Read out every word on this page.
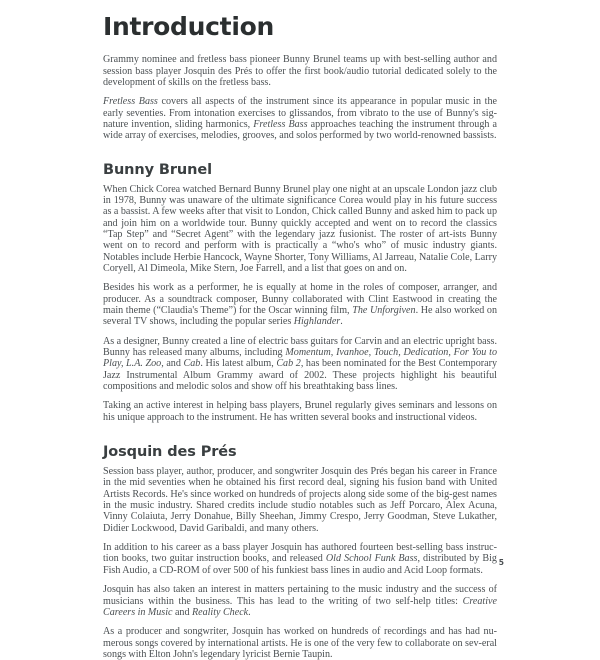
Introduction

Grammy nominee and fretless bass pioneer Bunny Brunel teams up with best-selling author and session bass player Josquin des Prés to offer the first book/audio tutorial dedicated solely to the development of skills on the fretless bass.

Fretless Bass covers all aspects of the instrument since its appearance in popular music in the early seventies. From intonation exercises to glissandos, from vibrato to the use of Bunny's sig-nature invention, sliding harmonics, Fretless Bass approaches teaching the instrument through a wide array of exercises, melodies, grooves, and solos performed by two world-renowned bassists.

Bunny Brunel

When Chick Corea watched Bernard Bunny Brunel play one night at an upscale London jazz club in 1978, Bunny was unaware of the ultimate significance Corea would play in his future success as a bassist. A few weeks after that visit to London, Chick called Bunny and asked him to pack up and join him on a worldwide tour. Bunny quickly accepted and went on to record the classics “Tap Step” and “Secret Agent” with the legendary jazz fusionist. The roster of art-ists Bunny went on to record and perform with is practically a “who's who” of music industry giants. Notables include Herbie Hancock, Wayne Shorter, Tony Williams, Al Jarreau, Natalie Cole, Larry Coryell, Al Dimeola, Mike Stern, Joe Farrell, and a list that goes on and on.

Besides his work as a performer, he is equally at home in the roles of composer, arranger, and producer. As a soundtrack composer, Bunny collaborated with Clint Eastwood in creating the main theme (“Claudia's Theme”) for the Oscar winning film, The Unforgiven. He also worked on several TV shows, including the popular series Highlander.

As a designer, Bunny created a line of electric bass guitars for Carvin and an electric upright bass. Bunny has released many albums, including Momentum, Ivanhoe, Touch, Dedication, For You to Play, L.A. Zoo, and Cab. His latest album, Cab 2, has been nominated for the Best Contemporary Jazz Instrumental Album Grammy award of 2002. These projects highlight his beautiful compositions and melodic solos and show off his breathtaking bass lines.

Taking an active interest in helping bass players, Brunel regularly gives seminars and lessons on his unique approach to the instrument. He has written several books and instructional videos.

Josquin des Prés

Session bass player, author, producer, and songwriter Josquin des Prés began his career in France in the mid seventies when he obtained his first record deal, signing his fusion band with United Artists Records. He's since worked on hundreds of projects along side some of the big-gest names in the music industry. Shared credits include studio notables such as Jeff Porcaro, Alex Acuna, Vinny Colaiuta, Jerry Donahue, Billy Sheehan, Jimmy Crespo, Jerry Goodman, Steve Lukather, Didier Lockwood, David Garibaldi, and many others.

In addition to his career as a bass player Josquin has authored fourteen best-selling bass instruc-tion books, two guitar instruction books, and released Old School Funk Bass, distributed by Big Fish Audio, a CD-ROM of over 500 of his funkiest bass lines in audio and Acid Loop formats.

Josquin has also taken an interest in matters pertaining to the music industry and the success of musicians within the business. This has lead to the writing of two self-help titles: Creative Careers in Music and Reality Check.

As a producer and songwriter, Josquin has worked on hundreds of recordings and has had nu-merous songs covered by international artists. He is one of the very few to collaborate on sev-eral songs with Elton John's legendary lyricist Bernie Taupin.

5
